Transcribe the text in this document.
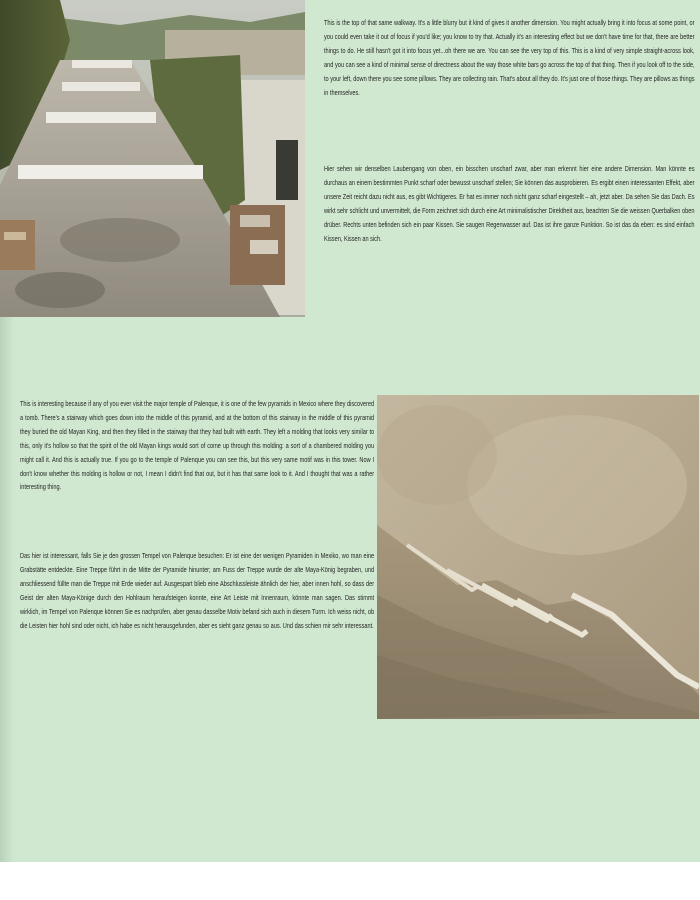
This is the top of that same walkway. It's a little blurry but it kind of gives it another dimension. You might actually bring it into focus at some point, or you could even take it out of focus if you'd like; you know to try that. Actually it's an interesting effect but we don't have time for that, there are better things to do. He still hasn't got it into focus yet...oh there we are. You can see the very top of this. This is a kind of very simple straight-across look, and you can see a kind of minimal sense of directness about the way those white bars go across the top of that thing. Then if you look off to the side, to your left, down there you see some pillows. They are collecting rain. That's about all they do. It's just one of those things. They are pillows as things in themselves.

Hier sehen wir denselben Laubengang von oben, ein bisschen unscharf zwar, aber man erkennt hier eine andere Dimension. Man könnte es durchaus an einem bestimmten Punkt scharf oder bewusst unscharf stellen; Sie können das ausprobieren. Es ergibt einen interessanten Effekt, aber unsere Zeit reicht dazu nicht aus, es gibt Wichtigeres. Er hat es immer noch nicht ganz scharf eingestellt – ah, jetzt aber. Da sehen Sie das Dach. Es wirkt sehr schlicht und unvermittelt, die Form zeichnet sich durch eine Art minimalistischer Direktheit aus, beachten Sie die weissen Querbalken oben drüber. Rechts unten befinden sich ein paar Kissen. Sie saugen Regenwasser auf. Das ist ihre ganze Funktion. So ist das da eben: es sind einfach Kissen, Kissen an sich.

This is interesting because if any of you ever visit the major temple of Palenque, it is one of the few pyramids in Mexico where they discovered a tomb. There's a stairway which goes down into the middle of this pyramid, and at the bottom of this stairway in the middle of this pyramid they buried the old Mayan King, and then they filled in the stairway that they had built with earth. They left a molding that looks very similar to this, only it's hollow so that the spirit of the old Mayan kings would sort of come up through this molding: a sort of a chambered molding you might call it. And this is actually true. If you go to the temple of Palenque you can see this, but this very same motif was in this tower. Now I don't know whether this molding is hollow or not, I mean I didn't find that out, but it has that same look to it. And I thought that was a rather interesting thing.

Das hier ist interessant, falls Sie je den grossen Tempel von Palenque besuchen: Er ist eine der wenigen Pyramiden in Mexiko, wo man eine Grabstätte entdeckte. Eine Treppe führt in die Mitte der Pyramide hinunter; am Fuss der Treppe wurde der alte Maya-König begraben, und anschliessend füllte man die Treppe mit Erde wieder auf. Ausgespart blieb eine Abschlussleiste ähnlich der hier, aber innen hohl, so dass der Geist der alten Maya-Könige durch den Hohlraum heraufsteigen konnte, eine Art Leiste mit Innenraum, könnte man sagen. Das stimmt wirklich, im Tempel von Palenque können Sie es nachprüfen, aber genau dasselbe Motiv befand sich auch in diesem Turm. Ich weiss nicht, ob die Leisten hier hohl sind oder nicht, ich habe es nicht herausgefunden, aber es sieht ganz genau so aus. Und das schien mir sehr interessant.
